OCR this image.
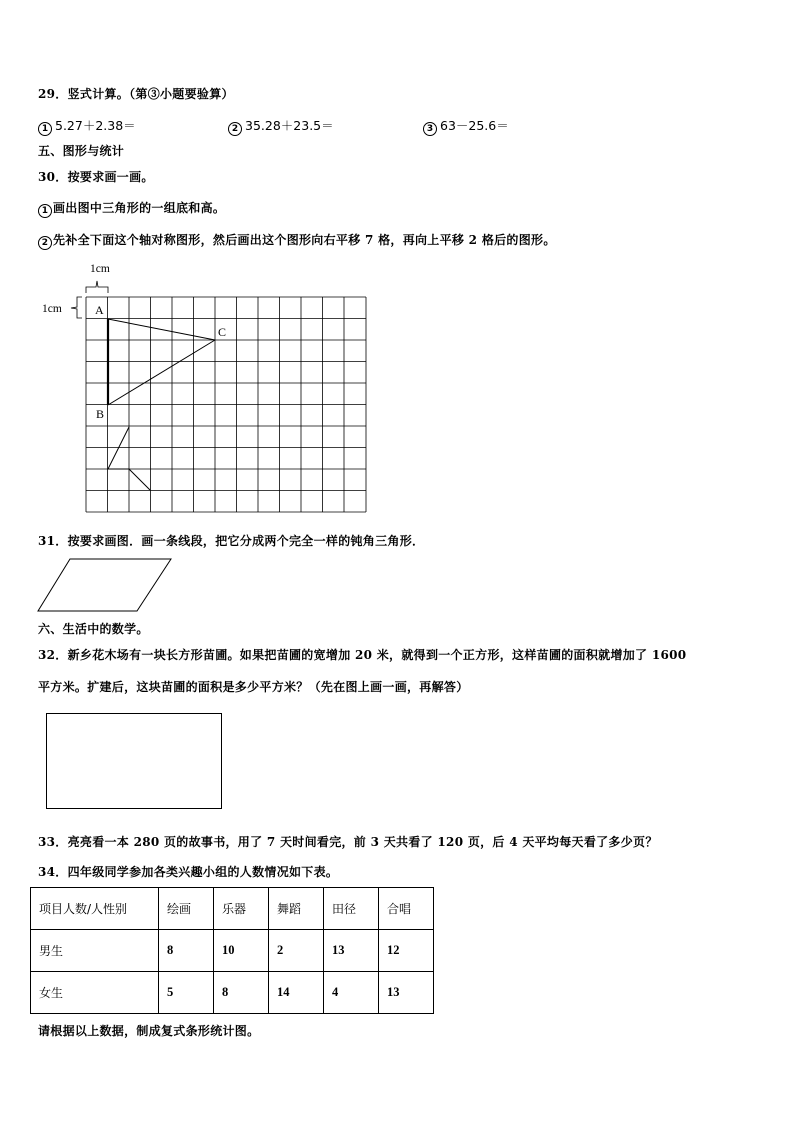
29．竖式计算。（第③小题要验算）
1 5.27＋2.38＝	2 35.28＋23.5＝	3 63－25.6＝
五、图形与统计
30．按要求画一画。
1 画出图中三角形的一组底和高。
2 先补全下面这个轴对称图形，然后画出这个图形向右平移 7 格，再向上平移 2 格后的图形。
A
B
C
1cm
1cm
31．按要求画图．画一条线段，把它分成两个完全一样的钝角三角形．
六、生活中的数学。
32．新乡花木场有一块长方形苗圃。如果把苗圃的宽增加 20 米，就得到一个正方形，这样苗圃的面积就增加了 1600
平方米。扩建后，这块苗圃的面积是多少平方米？（先在图上画一画，再解答）
33．亮亮看一本 280 页的故事书，用了 7 天时间看完，前 3 天共看了 120 页，后 4 天平均每天看了多少页？
34．四年级同学参加各类兴趣小组的人数情况如下表。
项目人数/人性别	绘画	乐器	舞蹈	田径	合唱
男生	8	10	2	13	12
女生	5	8	14	4	13
请根据以上数据，制成复式条形统计图。
